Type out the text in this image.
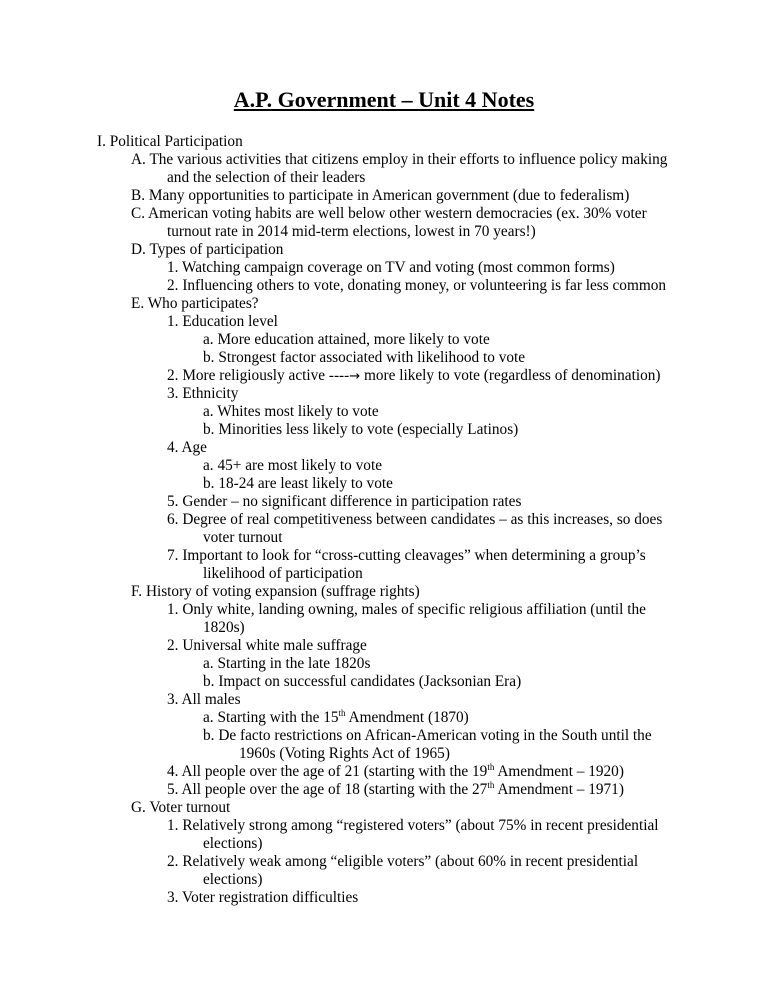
A.P. Government – Unit 4 Notes
I. Political Participation
A. The various activities that citizens employ in their efforts to influence policy making
and the selection of their leaders
B. Many opportunities to participate in American government (due to federalism)
C. American voting habits are well below other western democracies (ex. 30% voter
turnout rate in 2014 mid-term elections, lowest in 70 years!)
D. Types of participation
1. Watching campaign coverage on TV and voting (most common forms)
2. Influencing others to vote, donating money, or volunteering is far less common
E. Who participates?
1. Education level
a. More education attained, more likely to vote
b. Strongest factor associated with likelihood to vote
2. More religiously active ----→ more likely to vote (regardless of denomination)
3. Ethnicity
a. Whites most likely to vote
b. Minorities less likely to vote (especially Latinos)
4. Age
a. 45+ are most likely to vote
b. 18-24 are least likely to vote
5. Gender – no significant difference in participation rates
6. Degree of real competitiveness between candidates – as this increases, so does
voter turnout
7. Important to look for “cross-cutting cleavages” when determining a group’s
likelihood of participation
F. History of voting expansion (suffrage rights)
1. Only white, landing owning, males of specific religious affiliation (until the
1820s)
2. Universal white male suffrage
a. Starting in the late 1820s
b. Impact on successful candidates (Jacksonian Era)
3. All males
a. Starting with the 15th Amendment (1870)
b. De facto restrictions on African-American voting in the South until the
1960s (Voting Rights Act of 1965)
4. All people over the age of 21 (starting with the 19th Amendment – 1920)
5. All people over the age of 18 (starting with the 27th Amendment – 1971)
G. Voter turnout
1. Relatively strong among “registered voters” (about 75% in recent presidential
elections)
2. Relatively weak among “eligible voters” (about 60% in recent presidential
elections)
3. Voter registration difficulties
